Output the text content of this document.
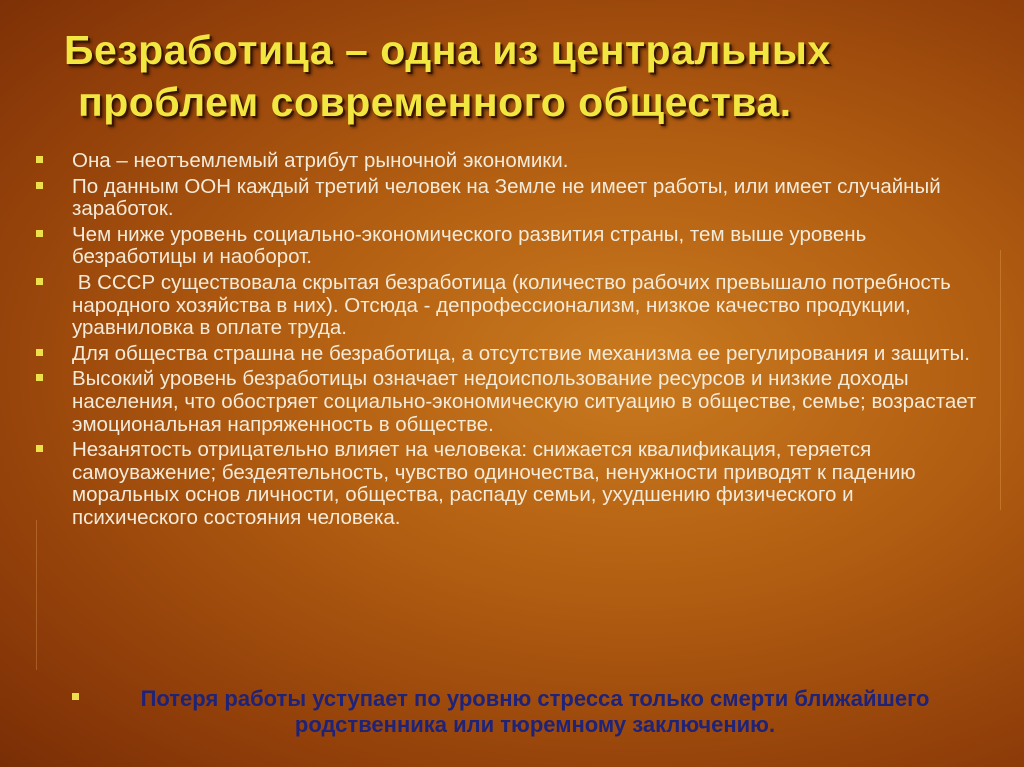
Безработица – одна из центральных
проблем современного общества.
Она – неотъемлемый атрибут рыночной экономики.
По данным ООН каждый третий человек на Земле не имеет работы, или имеет случайный заработок.
Чем ниже уровень социально-экономического развития страны, тем выше уровень безработицы и наоборот.
В СССР существовала скрытая безработица (количество рабочих превышало потребность народного хозяйства в них). Отсюда - депрофессионализм, низкое качество продукции, уравниловка в оплате труда.
Для общества страшна не безработица, а отсутствие механизма ее регулирования и защиты.
Высокий уровень безработицы означает недоиспользование ресурсов и низкие доходы населения, что обостряет социально-экономическую ситуацию в обществе, семье; возрастает эмоциональная напряженность в обществе.
Незанятость отрицательно влияет на человека: снижается квалификация, теряется самоуважение; бездеятельность, чувство одиночества, ненужности приводят к падению моральных основ личности, общества, распаду семьи, ухудшению физического и психического состояния человека.

Потеря работы уступает по уровню стресса только смерти ближайшего родственника или тюремному заключению.
